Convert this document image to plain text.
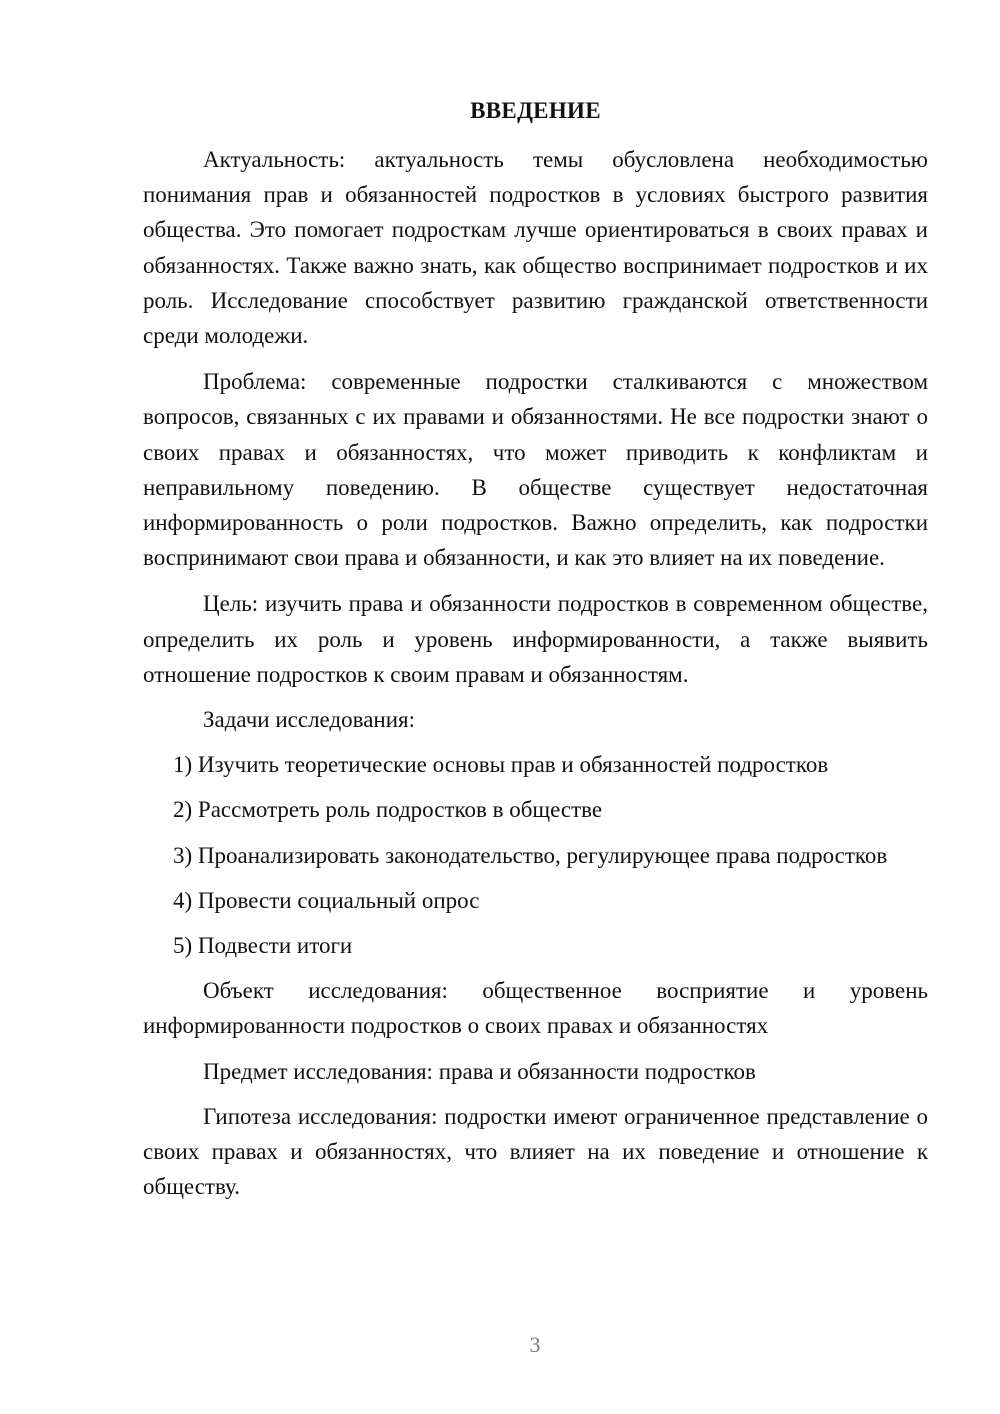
ВВЕДЕНИЕ

Актуальность: актуальность темы обусловлена необходимостью понимания прав и обязанностей подростков в условиях быстрого развития общества. Это помогает подросткам лучше ориентироваться в своих правах и обязанностях. Также важно знать, как общество воспринимает подростков и их роль. Исследование способствует развитию гражданской ответственности среди молодежи.

Проблема: современные подростки сталкиваются с множеством вопросов, связанных с их правами и обязанностями. Не все подростки знают о своих правах и обязанностях, что может приводить к конфликтам и неправильному поведению. В обществе существует недостаточная информированность о роли подростков. Важно определить, как подростки воспринимают свои права и обязанности, и как это влияет на их поведение.

Цель: изучить права и обязанности подростков в современном обществе, определить их роль и уровень информированности, а также выявить отношение подростков к своим правам и обязанностям.

Задачи исследования:

1) Изучить теоретические основы прав и обязанностей подростков

2) Рассмотреть роль подростков в обществе

3) Проанализировать законодательство, регулирующее права подростков

4) Провести социальный опрос

5) Подвести итоги

Объект исследования: общественное восприятие и уровень информированности подростков о своих правах и обязанностях

Предмет исследования: права и обязанности подростков

Гипотеза исследования: подростки имеют ограниченное представление о своих правах и обязанностях, что влияет на их поведение и отношение к обществу.

3
